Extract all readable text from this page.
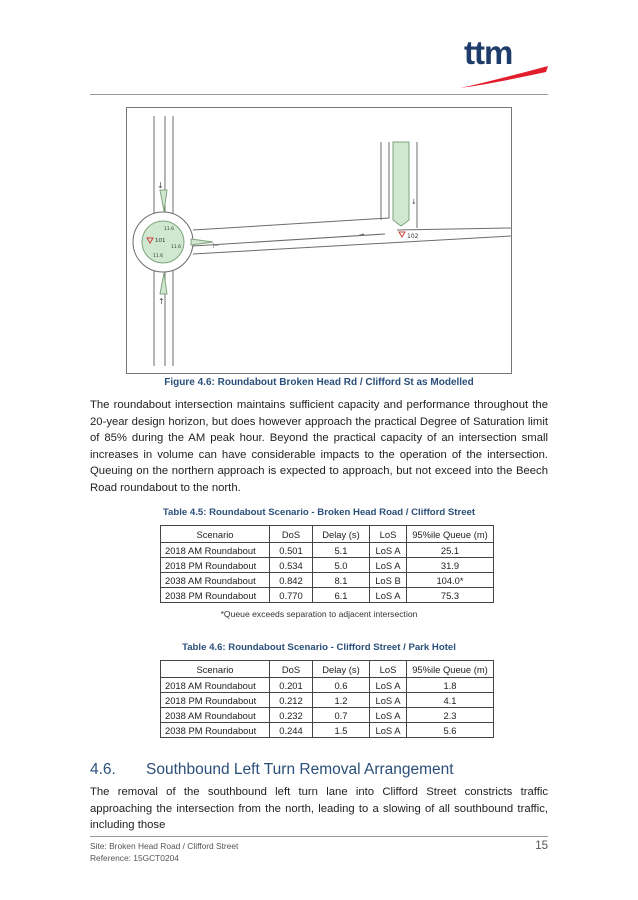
ttm
↓
↑
⊢
↓
→
101
102
11.6
11.6
11.6
Figure 4.6: Roundabout Broken Head Rd / Clifford St as Modelled
The roundabout intersection maintains sufficient capacity and performance throughout the 20-year design horizon, but does however approach the practical Degree of Saturation limit of 85% during the AM peak hour. Beyond the practical capacity of an intersection small increases in volume can have considerable impacts to the operation of the intersection. Queuing on the northern approach is expected to approach, but not exceed into the Beech Road roundabout to the north.
Table 4.5: Roundabout Scenario - Broken Head Road / Clifford Street
Scenario	DoS	Delay (s)	LoS	95%ile Queue (m)
2018 AM Roundabout	0.501	5.1	LoS A	25.1
2018 PM Roundabout	0.534	5.0	LoS A	31.9
2038 AM Roundabout	0.842	8.1	LoS B	104.0*
2038 PM Roundabout	0.770	6.1	LoS A	75.3
*Queue exceeds separation to adjacent intersection
Table 4.6: Roundabout Scenario - Clifford Street / Park Hotel
Scenario	DoS	Delay (s)	LoS	95%ile Queue (m)
2018 AM Roundabout	0.201	0.6	LoS A	1.8
2018 PM Roundabout	0.212	1.2	LoS A	4.1
2038 AM Roundabout	0.232	0.7	LoS A	2.3
2038 PM Roundabout	0.244	1.5	LoS A	5.6
4.6. Southbound Left Turn Removal Arrangement
The removal of the southbound left turn lane into Clifford Street constricts traffic approaching the intersection from the north, leading to a slowing of all southbound traffic, including those
Site: Broken Head Road / Clifford Street
Reference: 15GCT0204
15
